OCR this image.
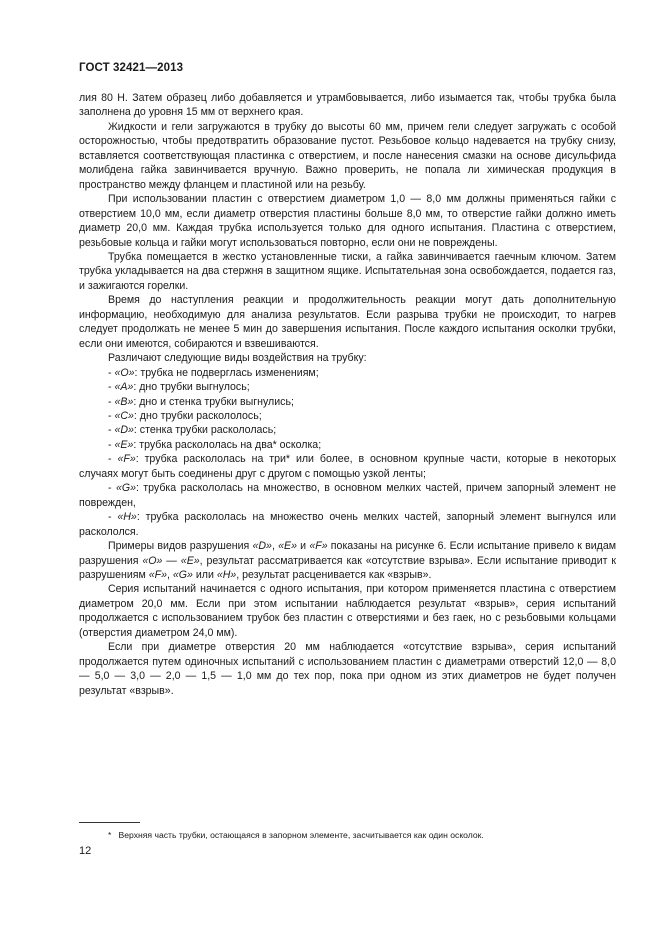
ГОСТ 32421—2013

лия 80 Н. Затем образец либо добавляется и утрамбовывается, либо изымается так, чтобы трубка была заполнена до уровня 15 мм от верхнего края.

Жидкости и гели загружаются в трубку до высоты 60 мм, причем гели следует загружать с особой осторожностью, чтобы предотвратить образование пустот. Резьбовое кольцо надевается на трубку снизу, вставляется соответствующая пластинка с отверстием, и после нанесения смазки на основе дисульфида молибдена гайка завинчивается вручную. Важно проверить, не попала ли химическая продукция в пространство между фланцем и пластиной или на резьбу.

При использовании пластин с отверстием диаметром 1,0 — 8,0 мм должны применяться гайки с отверстием 10,0 мм, если диаметр отверстия пластины больше 8,0 мм, то отверстие гайки должно иметь диаметр 20,0 мм. Каждая трубка используется только для одного испытания. Пластина с отверстием, резьбовые кольца и гайки могут использоваться повторно, если они не повреждены.

Трубка помещается в жестко установленные тиски, а гайка завинчивается гаечным ключом. Затем трубка укладывается на два стержня в защитном ящике. Испытательная зона освобождается, подается газ, и зажигаются горелки.

Время до наступления реакции и продолжительность реакции могут дать дополнительную информацию, необходимую для анализа результатов. Если разрыва трубки не происходит, то нагрев следует продолжать не менее 5 мин до завершения испытания. После каждого испытания осколки трубки, если они имеются, собираются и взвешиваются.

Различают следующие виды воздействия на трубку:

- «O»: трубка не подверглась изменениям;

- «A»: дно трубки выгнулось;

- «B»: дно и стенка трубки выгнулись;

- «C»: дно трубки раскололось;

- «D»: стенка трубки раскололась;

- «E»: трубка раскололась на два* осколка;

- «F»: трубка раскололась на три* или более, в основном крупные части, которые в некоторых случаях могут быть соединены друг с другом с помощью узкой ленты;

- «G»: трубка раскололась на множество, в основном мелких частей, причем запорный элемент не поврежден,

- «H»: трубка раскололась на множество очень мелких частей, запорный элемент выгнулся или раскололся.

Примеры видов разрушения «D», «E» и «F» показаны на рисунке 6. Если испытание привело к видам разрушения «O» — «E», результат рассматривается как «отсутствие взрыва». Если испытание приводит к разрушениям «F», «G» или «H», результат расценивается как «взрыв».

Серия испытаний начинается с одного испытания, при котором применяется пластина с отверстием диаметром 20,0 мм. Если при этом испытании наблюдается результат «взрыв», серия испытаний продолжается с использованием трубок без пластин с отверстиями и без гаек, но с резьбовыми кольцами (отверстия диаметром 24,0 мм).

Если при диаметре отверстия 20 мм наблюдается «отсутствие взрыва», серия испытаний продолжается путем одиночных испытаний с использованием пластин с диаметрами отверстий 12,0 — 8,0 — 5,0 — 3,0 — 2,0 — 1,5 — 1,0 мм до тех пор, пока при одном из этих диаметров не будет получен результат «взрыв».

* Верхняя часть трубки, остающаяся в запорном элементе, засчитывается как один осколок.
12
